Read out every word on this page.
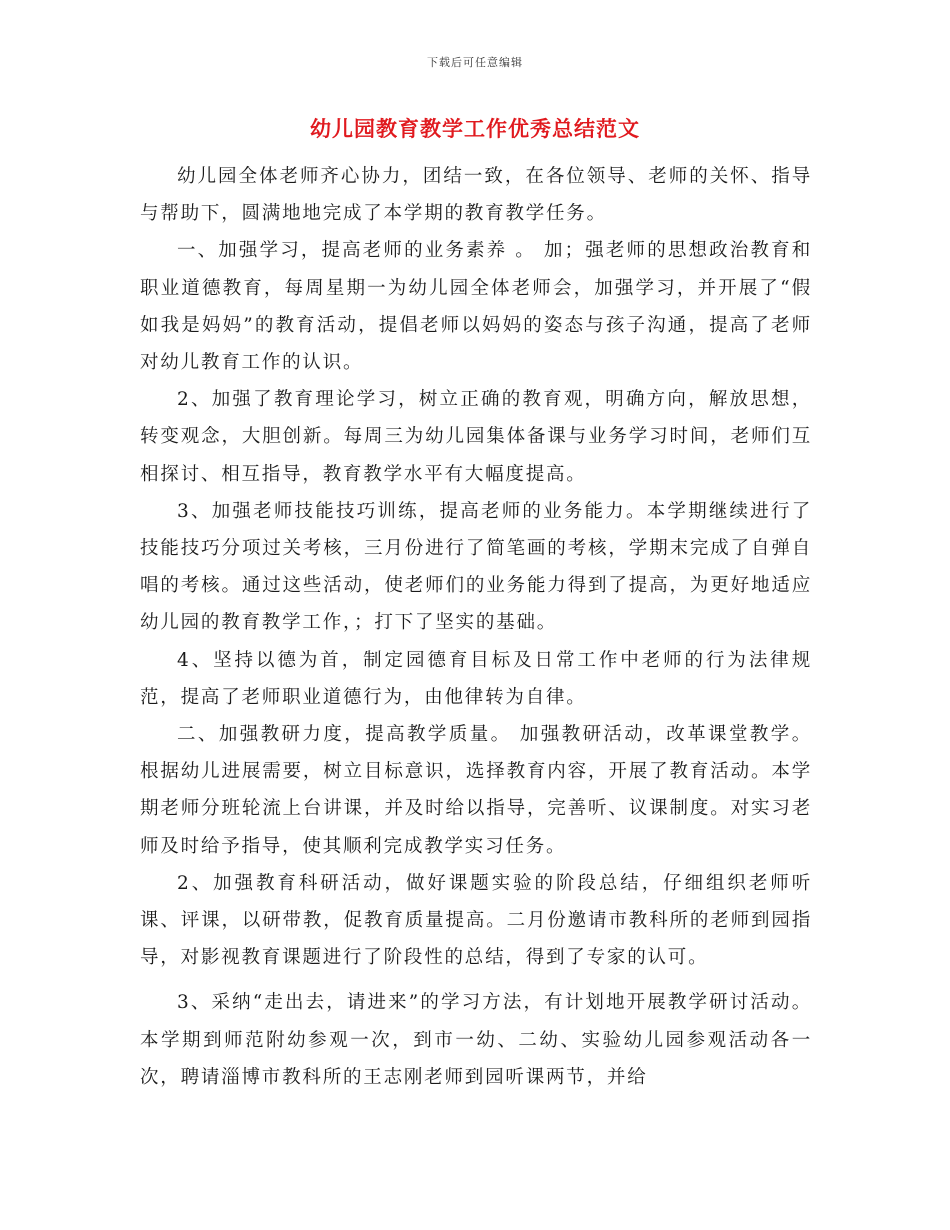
下载后可任意编辑
幼儿园教育教学工作优秀总结范文

幼儿园全体老师齐心协力，团结一致，在各位领导、老师的关怀、指导与帮助下，圆满地地完成了本学期的教育教学任务。

一、加强学习，提高老师的业务素养 。 加；强老师的思想政治教育和职业道德教育，每周星期一为幼儿园全体老师会，加强学习，并开展了“假如我是妈妈”的教育活动，提倡老师以妈妈的姿态与孩子沟通，提高了老师对幼儿教育工作的认识。

2、加强了教育理论学习，树立正确的教育观，明确方向，解放思想，转变观念，大胆创新。每周三为幼儿园集体备课与业务学习时间，老师们互相探讨、相互指导，教育教学水平有大幅度提高。

3、加强老师技能技巧训练，提高老师的业务能力。本学期继续进行了技能技巧分项过关考核，三月份进行了简笔画的考核，学期末完成了自弹自唱的考核。通过这些活动，使老师们的业务能力得到了提高，为更好地适应幼儿园的教育教学工作，；打下了坚实的基础。

4、坚持以德为首，制定园德育目标及日常工作中老师的行为法律规范，提高了老师职业道德行为，由他律转为自律。

二、加强教研力度，提高教学质量。 加强教研活动，改革课堂教学。根据幼儿进展需要，树立目标意识，选择教育内容，开展了教育活动。本学期老师分班轮流上台讲课，并及时给以指导，完善听、议课制度。对实习老师及时给予指导，使其顺利完成教学实习任务。

2、加强教育科研活动，做好课题实验的阶段总结，仔细组织老师听课、评课，以研带教，促教育质量提高。二月份邀请市教科所的老师到园指导，对影视教育课题进行了阶段性的总结，得到了专家的认可。

3、采纳“走出去，请进来”的学习方法，有计划地开展教学研讨活动。本学期到师范附幼参观一次，到市一幼、二幼、实验幼儿园参观活动各一次，聘请淄博市教科所的王志刚老师到园听课两节，并给
